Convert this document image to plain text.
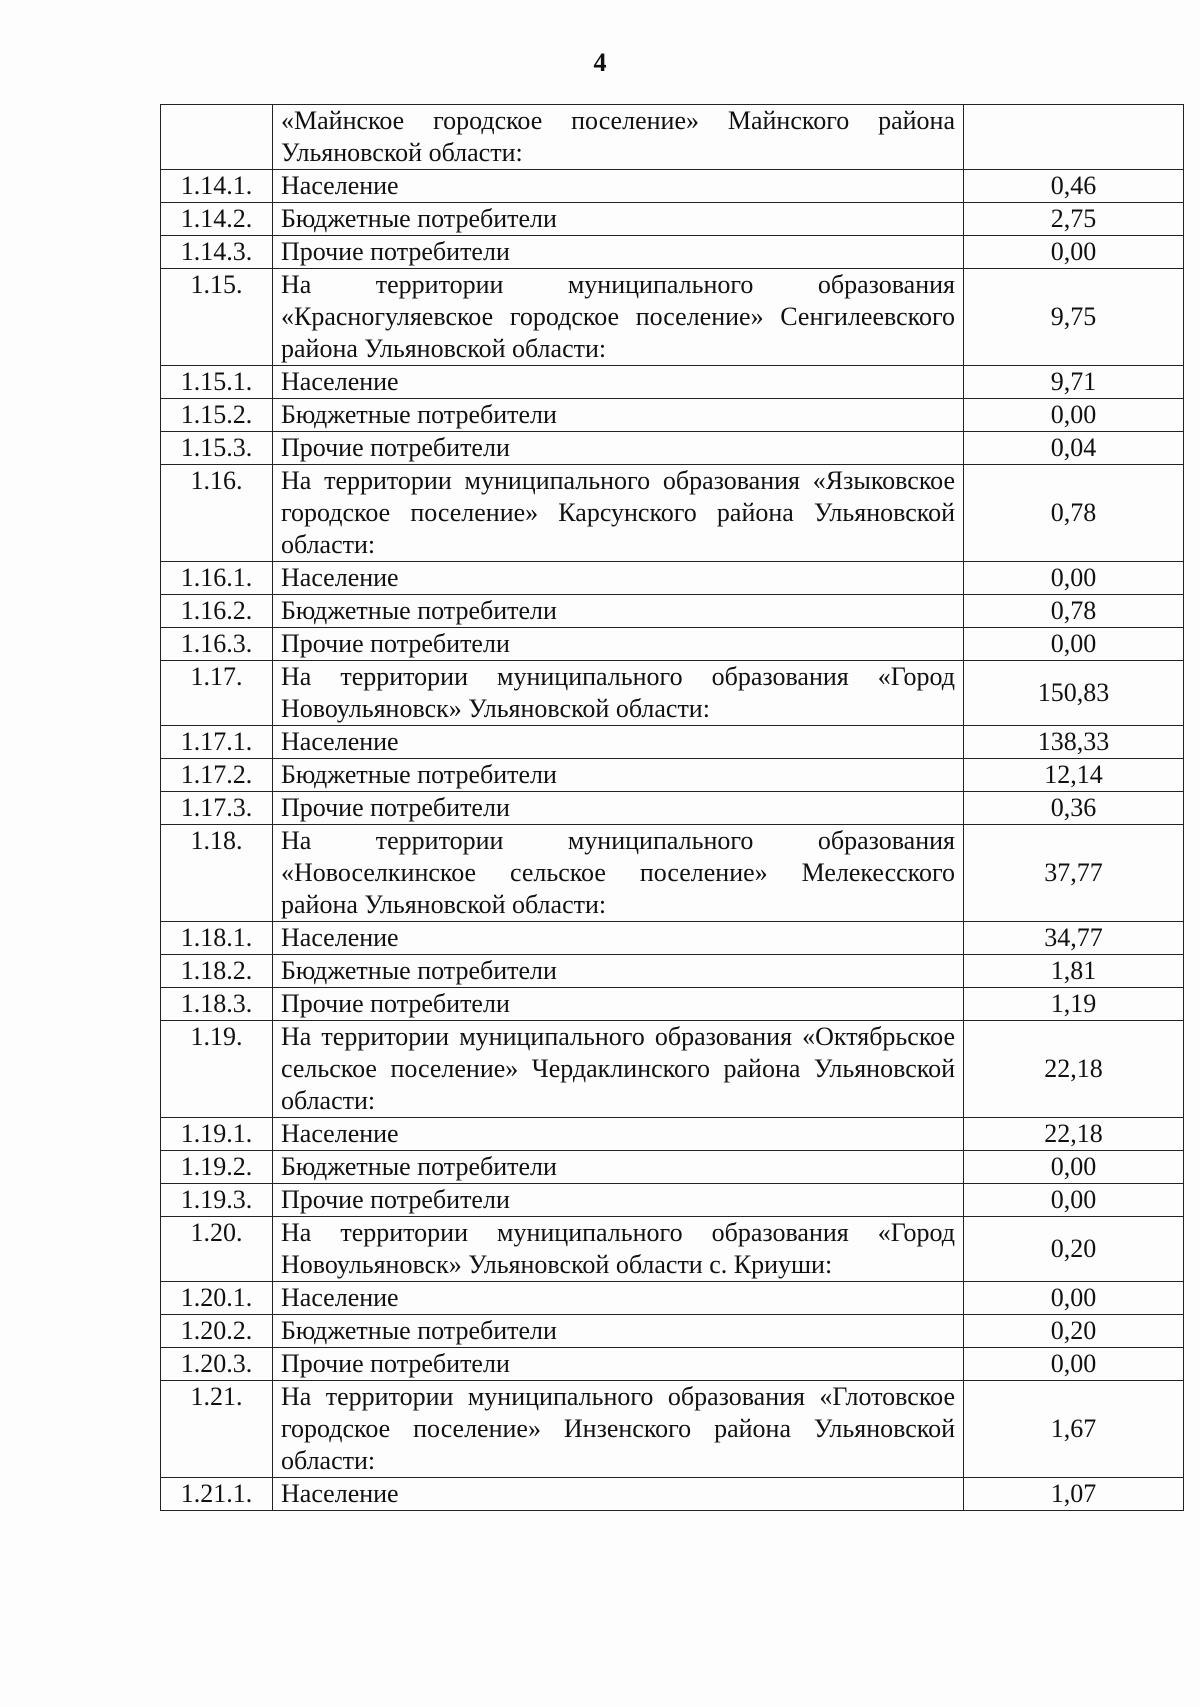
4
	«Майнское городское поселение» Майнского района Ульяновской области:	
1.14.1.	Население	0,46
1.14.2.	Бюджетные потребители	2,75
1.14.3.	Прочие потребители	0,00
1.15.	На территории муниципального образования «Красногуляевское городское поселение» Сенгилеевского района Ульяновской области:	9,75
1.15.1.	Население	9,71
1.15.2.	Бюджетные потребители	0,00
1.15.3.	Прочие потребители	0,04
1.16.	На территории муниципального образования «Языковское городское поселение» Карсунского района Ульяновской области:	0,78
1.16.1.	Население	0,00
1.16.2.	Бюджетные потребители	0,78
1.16.3.	Прочие потребители	0,00
1.17.	На территории муниципального образования «Город Новоульяновск» Ульяновской области:	150,83
1.17.1.	Население	138,33
1.17.2.	Бюджетные потребители	12,14
1.17.3.	Прочие потребители	0,36
1.18.	На территории муниципального образования «Новоселкинское сельское поселение» Мелекесского района Ульяновской области:	37,77
1.18.1.	Население	34,77
1.18.2.	Бюджетные потребители	1,81
1.18.3.	Прочие потребители	1,19
1.19.	На территории муниципального образования «Октябрьское сельское поселение» Чердаклинского района Ульяновской области:	22,18
1.19.1.	Население	22,18
1.19.2.	Бюджетные потребители	0,00
1.19.3.	Прочие потребители	0,00
1.20.	На территории муниципального образования «Город Новоульяновск» Ульяновской области с. Криуши:	0,20
1.20.1.	Население	0,00
1.20.2.	Бюджетные потребители	0,20
1.20.3.	Прочие потребители	0,00
1.21.	На территории муниципального образования «Глотовское городское поселение» Инзенского района Ульяновской области:	1,67
1.21.1.	Население	1,07
